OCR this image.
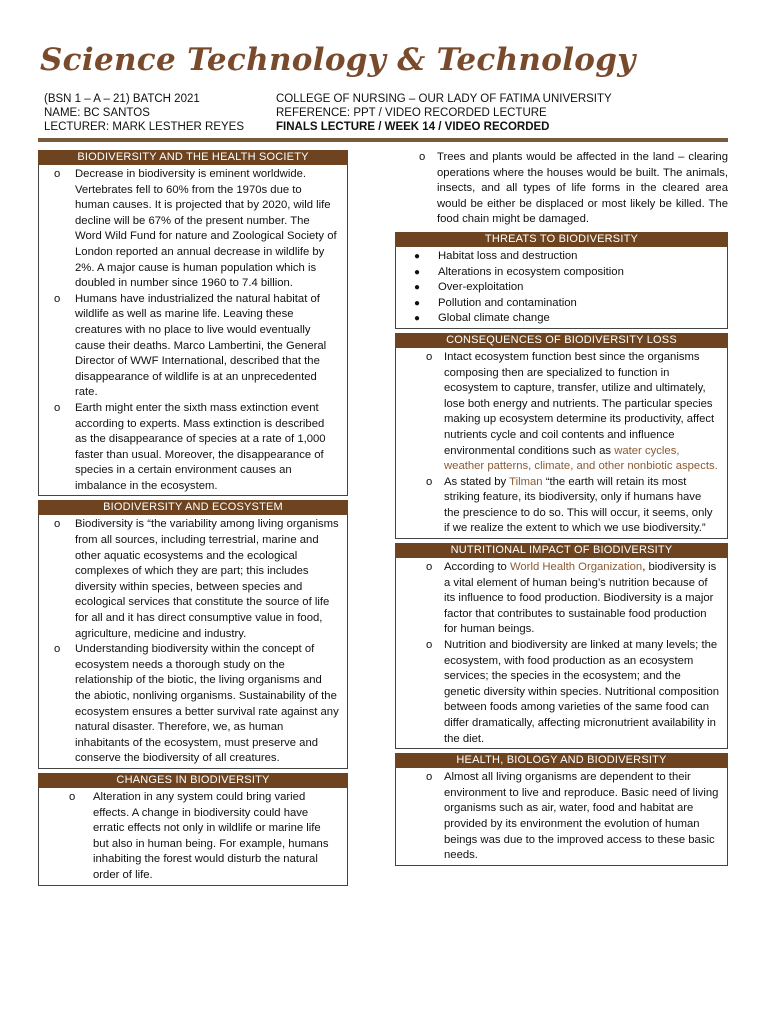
Science Technology & Technology
(BSN 1 – A – 21) BATCH 2021
NAME: BC SANTOS
LECTURER: MARK LESTHER REYES
COLLEGE OF NURSING – OUR LADY OF FATIMA UNIVERSITY
REFERENCE: PPT / VIDEO RECORDED LECTURE
FINALS LECTURE / WEEK 14 / VIDEO RECORDED
BIODIVERSITY AND THE HEALTH SOCIETY
o	Decrease in biodiversity is eminent worldwide. Vertebrates fell to 60% from the 1970s due to human causes. It is projected that by 2020, wild life decline will be 67% of the present number. The Word Wild Fund for nature and Zoological Society of London reported an annual decrease in wildlife by 2%. A major cause is human population which is doubled in number since 1960 to 7.4 billion.
o	Humans have industrialized the natural habitat of wildlife as well as marine life. Leaving these creatures with no place to live would eventually cause their deaths. Marco Lambertini, the General Director of WWF International, described that the disappearance of wildlife is at an unprecedented rate.
o	Earth might enter the sixth mass extinction event according to experts. Mass extinction is described as the disappearance of species at a rate of 1,000 faster than usual. Moreover, the disappearance of species in a certain environment causes an imbalance in the ecosystem.
BIODIVERSITY AND ECOSYSTEM
o	Biodiversity is “the variability among living organisms from all sources, including terrestrial, marine and other aquatic ecosystems and the ecological complexes of which they are part; this includes diversity within species, between species and ecological services that constitute the source of life for all and it has direct consumptive value in food, agriculture, medicine and industry.
o	Understanding biodiversity within the concept of ecosystem needs a thorough study on the relationship of the biotic, the living organisms and the abiotic, nonliving organisms. Sustainability of the ecosystem ensures a better survival rate against any natural disaster. Therefore, we, as human inhabitants of the ecosystem, must preserve and conserve the biodiversity of all creatures.
CHANGES IN BIODIVERSITY
o	Alteration in any system could bring varied effects. A change in biodiversity could have erratic effects not only in wildlife or marine life but also in human being. For example, humans inhabiting the forest would disturb the natural order of life.
o	Trees and plants would be affected in the land – clearing operations where the houses would be built. The animals, insects, and all types of life forms in the cleared area would be either be displaced or most likely be killed. The food chain might be damaged.
THREATS TO BIODIVERSITY
●	Habitat loss and destruction
●	Alterations in ecosystem composition
●	Over-exploitation
●	Pollution and contamination
●	Global climate change
CONSEQUENCES OF BIODIVERSITY LOSS
o	Intact ecosystem function best since the organisms composing then are specialized to function in ecosystem to capture, transfer, utilize and ultimately, lose both energy and nutrients. The particular species making up ecosystem determine its productivity, affect nutrients cycle and coil contents and influence environmental conditions such as water cycles, weather patterns, climate, and other nonbiotic aspects.
o	As stated by Tilman “the earth will retain its most striking feature, its biodiversity, only if humans have the prescience to do so. This will occur, it seems, only if we realize the extent to which we use biodiversity.”
NUTRITIONAL IMPACT OF BIODIVERSITY
o	According to World Health Organization, biodiversity is a vital element of human being’s nutrition because of its influence to food production. Biodiversity is a major factor that contributes to sustainable food production for human beings.
o	Nutrition and biodiversity are linked at many levels; the ecosystem, with food production as an ecosystem services; the species in the ecosystem; and the genetic diversity within species. Nutritional composition between foods among varieties of the same food can differ dramatically, affecting micronutrient availability in the diet.
HEALTH, BIOLOGY AND BIODIVERSITY
o	Almost all living organisms are dependent to their environment to live and reproduce. Basic need of living organisms such as air, water, food and habitat are provided by its environment the evolution of human beings was due to the improved access to these basic needs.
